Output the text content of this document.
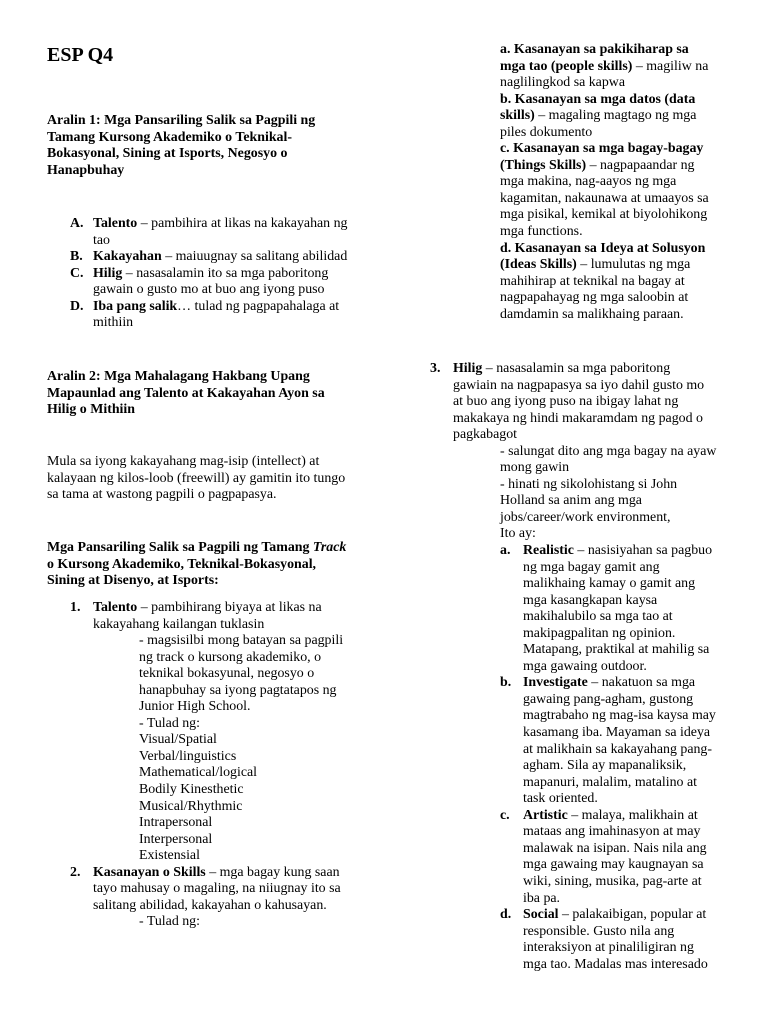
ESP Q4
Aralin 1: Mga Pansariling Salik sa Pagpili ng
Tamang Kursong Akademiko o Teknikal-
Bokasyonal, Sining at Isports, Negosyo o
Hanapbuhay
A. Talento – pambihira at likas na kakayahan ng
tao
B. Kakayahan – maiuugnay sa salitang abilidad
C. Hilig – nasasalamin ito sa mga paboritong
gawain o gusto mo at buo ang iyong puso
D. Iba pang salik… tulad ng pagpapahalaga at
mithiin
Aralin 2: Mga Mahalagang Hakbang Upang
Mapaunlad ang Talento at Kakayahan Ayon sa
Hilig o Mithiin
Mula sa iyong kakayahang mag-isip (intellect) at
kalayaan ng kilos-loob (freewill) ay gamitin ito tungo
sa tama at wastong pagpili o pagpapasya.
Mga Pansariling Salik sa Pagpili ng Tamang Track
o Kursong Akademiko, Teknikal-Bokasyonal,
Sining at Disenyo, at Isports:
1. Talento – pambihirang biyaya at likas na
kakayahang kailangan tuklasin
- magsisilbi mong batayan sa pagpili
ng track o kursong akademiko, o
teknikal bokasyunal, negosyo o
hanapbuhay sa iyong pagtatapos ng
Junior High School.
- Tulad ng:
Visual/Spatial
Verbal/linguistics
Mathematical/logical
Bodily Kinesthetic
Musical/Rhythmic
Intrapersonal
Interpersonal
Existensial
2. Kasanayan o Skills – mga bagay kung saan
tayo mahusay o magaling, na niiugnay ito sa
salitang abilidad, kakayahan o kahusayan.
- Tulad ng:
a. Kasanayan sa pakikiharap sa
mga tao (people skills) – magiliw na
naglilingkod sa kapwa
b. Kasanayan sa mga datos (data
skills) – magaling magtago ng mga
piles dokumento
c. Kasanayan sa mga bagay-bagay
(Things Skills) – nagpapaandar ng
mga makina, nag-aayos ng mga
kagamitan, nakaunawa at umaayos sa
mga pisikal, kemikal at biyolohikong
mga functions.
d. Kasanayan sa Ideya at Solusyon
(Ideas Skills) – lumulutas ng mga
mahihirap at teknikal na bagay at
nagpapahayag ng mga saloobin at
damdamin sa malikhaing paraan.
3. Hilig – nasasalamin sa mga paboritong
gawiain na nagpapasya sa iyo dahil gusto mo
at buo ang iyong puso na ibigay lahat ng
makakaya ng hindi makaramdam ng pagod o
pagkabagot
- salungat dito ang mga bagay na ayaw
mong gawin
- hinati ng sikolohistang si John
Holland sa anim ang mga
jobs/career/work environment,
Ito ay:
a. Realistic – nasisiyahan sa pagbuo
ng mga bagay gamit ang
malikhaing kamay o gamit ang
mga kasangkapan kaysa
makihalubilo sa mga tao at
makipagpalitan ng opinion.
Matapang, praktikal at mahilig sa
mga gawaing outdoor.
b. Investigate – nakatuon sa mga
gawaing pang-agham, gustong
magtrabaho ng mag-isa kaysa may
kasamang iba. Mayaman sa ideya
at malikhain sa kakayahang pang-
agham. Sila ay mapanaliksik,
mapanuri, malalim, matalino at
task oriented.
c. Artistic – malaya, malikhain at
mataas ang imahinasyon at may
malawak na isipan. Nais nila ang
mga gawaing may kaugnayan sa
wiki, sining, musika, pag-arte at
iba pa.
d. Social – palakaibigan, popular at
responsible. Gusto nila ang
interaksiyon at pinaliligiran ng
mga tao. Madalas mas interesado
